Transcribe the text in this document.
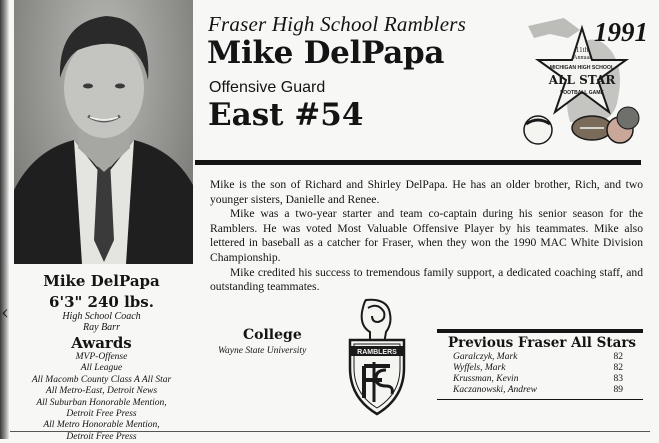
‹
Mike DelPapa
6'3" 240 lbs.
High School Coach
Ray Barr
Awards
MVP-Offense
All League
All Macomb County Class A All Star
All Metro-East, Detroit News
All Suburban Honorable Mention,
Detroit Free Press
All Metro Honorable Mention,
Detroit Free Press
Fraser High School Ramblers
Mike DelPapa
Offensive Guard
East #54
11th
Annual
MICHIGAN HIGH SCHOOL
ALL STAR
FOOTBALL GAME
1991

Mike is the son of Richard and Shirley DelPapa. He has an older brother, Rich, and two younger sisters, Danielle and Renee.

Mike was a two-year starter and team co-captain during his senior season for the Ramblers. He was voted Most Valuable Offensive Player by his teammates. Mike also lettered in baseball as a catcher for Fraser, when they won the 1990 MAC White Division Championship.

Mike credited his success to tremendous family support, a dedicated coaching staff, and outstanding teammates.

College
Wayne State University	RAMBLERS
Previous Fraser All Stars
Garalczyk, Mark	82
Wyffels, Mark	82
Krussman, Kevin	83
Kaczanowski, Andrew	89
